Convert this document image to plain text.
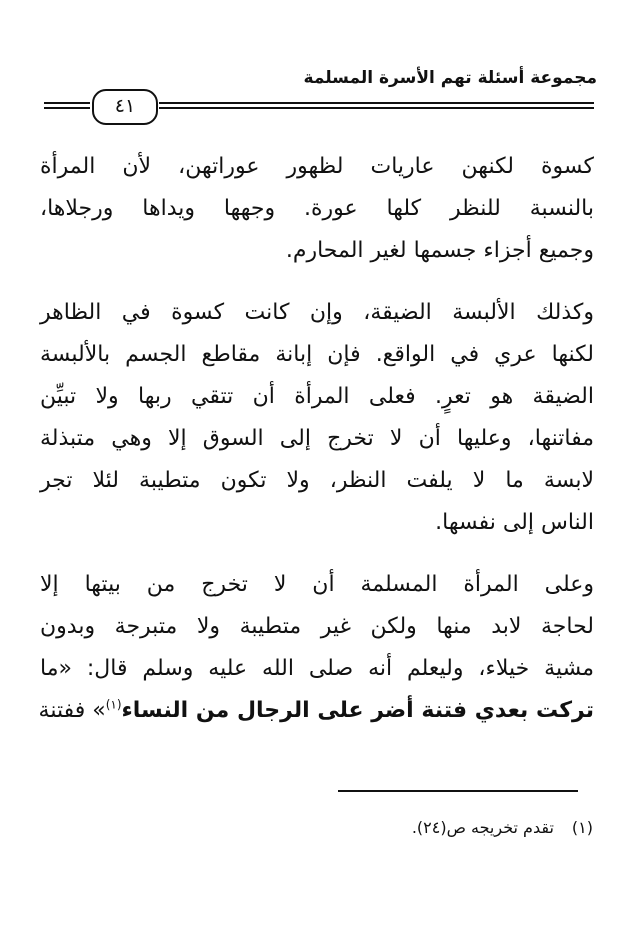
مجموعة أسئلة تهم الأسرة المسلمة
٤١
كسوة لكنهن عاريات لظهور عوراتهن، لأن المرأة
بالنسبة للنظر كلها عورة. وجهها ويداها ورجلاها،
وجميع أجزاء جسمها لغير المحارم.
وكذلك الألبسة الضيقة، وإن كانت كسوة في الظاهر
لكنها عري في الواقع. فإن إبانة مقاطع الجسم بالألبسة
الضيقة هو تعرٍ. فعلى المرأة أن تتقي ربها ولا تبيِّن
مفاتنها، وعليها أن لا تخرج إلى السوق إلا وهي متبذلة
لابسة ما لا يلفت النظر، ولا تكون متطيبة لئلا تجر
الناس إلى نفسها.
وعلى المرأة المسلمة أن لا تخرج من بيتها إلا
لحاجة لابد منها ولكن غير متطيبة ولا متبرجة وبدون
مشية خيلاء، وليعلم أنه صلى الله عليه وسلم قال: «ما
تركت بعدي فتنة أضر على الرجال من النساء$^{(١)}$» ففتنة
(١)تقدم تخريجه ص(٢٤).
